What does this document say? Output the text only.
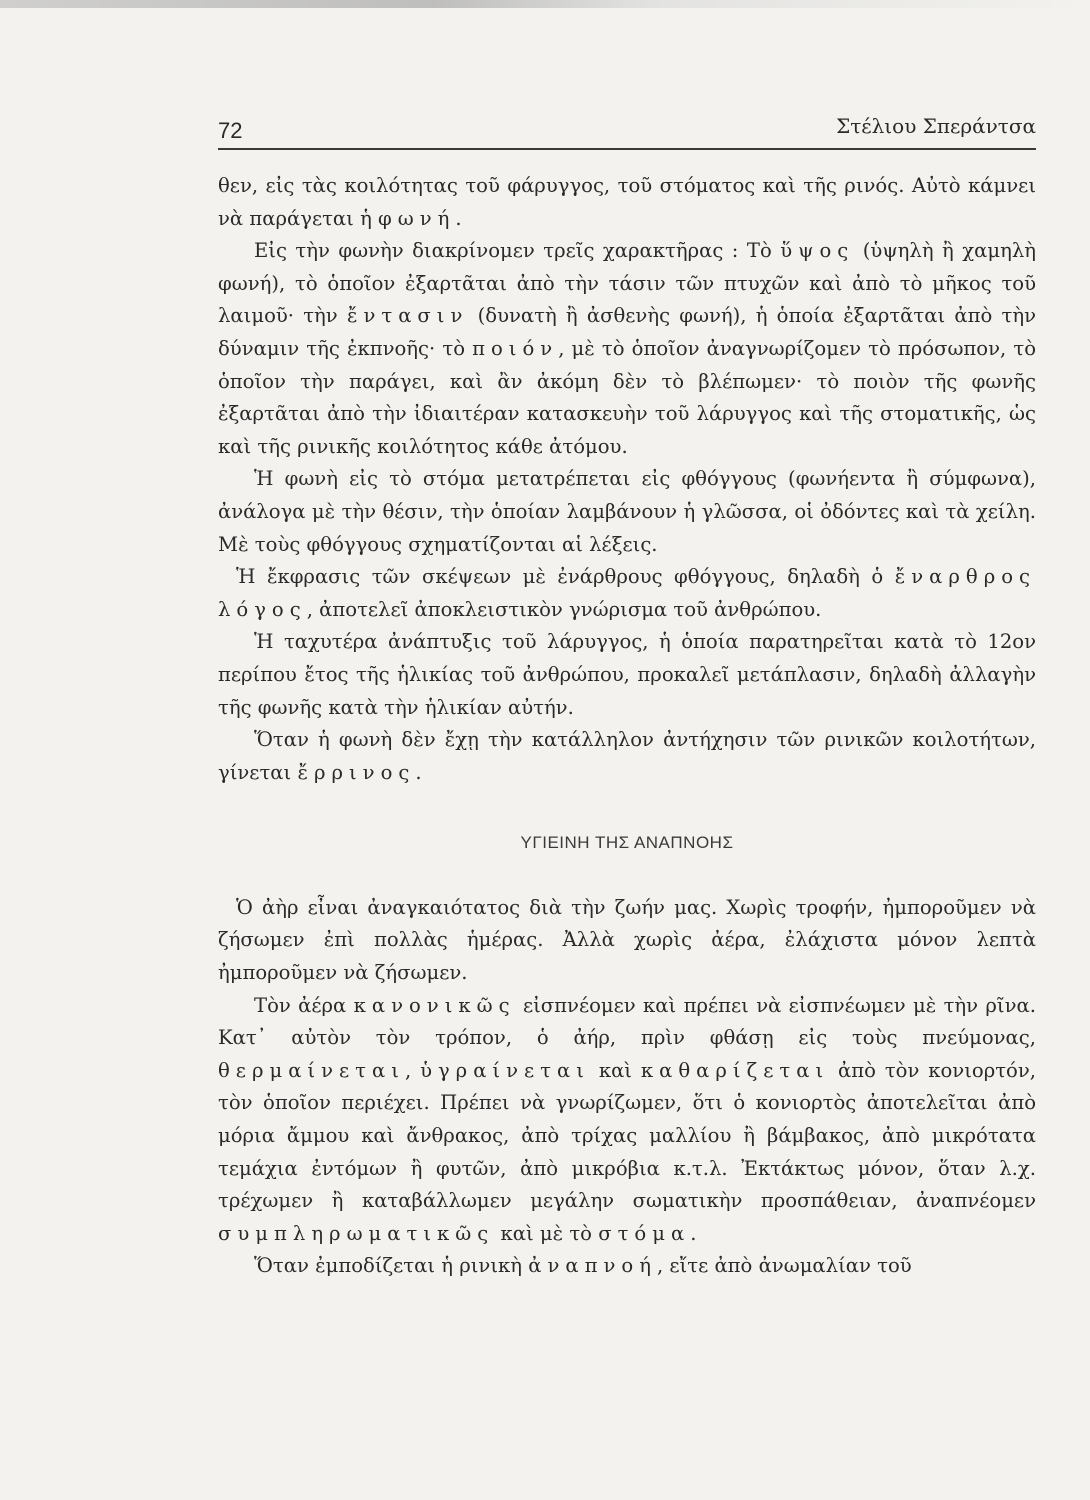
72	Στέλιου Σπεράντσα

θεν, εἰς τὰς κοιλότητας τοῦ φάρυγγος, τοῦ στόματος καὶ τῆς ρινός. Αὐτὸ κάμνει νὰ παράγεται ἡ φωνή.

Εἰς τὴν φωνὴν διακρίνομεν τρεῖς χαρακτῆρας : Τὸ ὕψος (ὑψηλὴ ἢ χαμηλὴ φωνή), τὸ ὁποῖον ἐξαρτᾶται ἀπὸ τὴν τάσιν τῶν πτυχῶν καὶ ἀπὸ τὸ μῆκος τοῦ λαιμοῦ· τὴν ἔντασιν (δυνατὴ ἢ ἀσθενὴς φωνή), ἡ ὁποία ἐξαρτᾶται ἀπὸ τὴν δύναμιν τῆς ἐκπνοῆς· τὸ ποιόν, μὲ τὸ ὁποῖον ἀναγνωρίζομεν τὸ πρόσωπον, τὸ ὁποῖον τὴν παράγει, καὶ ἂν ἀκόμη δὲν τὸ βλέπωμεν· τὸ ποιὸν τῆς φωνῆς ἐξαρτᾶται ἀπὸ τὴν ἰδιαιτέραν κατασκευὴν τοῦ λάρυγγος καὶ τῆς στοματικῆς, ὡς καὶ τῆς ρινικῆς κοιλότητος κάθε ἀτόμου.

Ἡ φωνὴ εἰς τὸ στόμα μετατρέπεται εἰς φθόγγους (φωνήεντα ἢ σύμφωνα), ἀνάλογα μὲ τὴν θέσιν, τὴν ὁποίαν λαμβάνουν ἡ γλῶσσα, οἱ ὀδόντες καὶ τὰ χείλη. Μὲ τοὺς φθόγγους σχηματίζονται αἱ λέξεις.

Ἡ ἔκφρασις τῶν σκέψεων μὲ ἐνάρθρους φθόγγους, δηλαδὴ ὁ ἔναρθρος λόγος, ἀποτελεῖ ἀποκλειστικὸν γνώρισμα τοῦ ἀνθρώπου.

Ἡ ταχυτέρα ἀνάπτυξις τοῦ λάρυγγος, ἡ ὁποία παρατηρεῖται κατὰ τὸ 12ον περίπου ἔτος τῆς ἡλικίας τοῦ ἀνθρώπου, προκαλεῖ μετάπλασιν, δηλαδὴ ἀλλαγὴν τῆς φωνῆς κατὰ τὴν ἡλικίαν αὐτήν.

Ὅταν ἡ φωνὴ δὲν ἔχῃ τὴν κατάλληλον ἀντήχησιν τῶν ρινικῶν κοιλοτήτων, γίνεται ἔρρινος.

ΥΓΙΕΙΝΗ ΤΗΣ ΑΝΑΠΝΟΗΣ

Ὁ ἀὴρ εἶναι ἀναγκαιότατος διὰ τὴν ζωήν μας. Χωρὶς τροφήν, ἠμποροῦμεν νὰ ζήσωμεν ἐπὶ πολλὰς ἡμέρας. Ἀλλὰ χωρὶς ἀέρα, ἐλάχιστα μόνον λεπτὰ ἠμποροῦμεν νὰ ζήσωμεν.

Τὸν ἀέρα κανονικῶς εἰσπνέομεν καὶ πρέπει νὰ εἰσπνέωμεν μὲ τὴν ρῖνα. Κατ᾽ αὐτὸν τὸν τρόπον, ὁ ἀήρ, πρὶν φθάσῃ εἰς τοὺς πνεύμονας, θερμαίνεται, ὑγραίνεται καὶ καθαρίζεται ἀπὸ τὸν κονιορτόν, τὸν ὁποῖον περιέχει. Πρέπει νὰ γνωρίζωμεν, ὅτι ὁ κονιορτὸς ἀποτελεῖται ἀπὸ μόρια ἄμμου καὶ ἄνθρακος, ἀπὸ τρίχας μαλλίου ἢ βάμβακος, ἀπὸ μικρότατα τεμάχια ἐντόμων ἢ φυτῶν, ἀπὸ μικρόβια κ.τ.λ. Ἐκτάκτως μόνον, ὅταν λ.χ. τρέχωμεν ἢ καταβάλλωμεν μεγάλην σωματικὴν προσπάθειαν, ἀναπνέομεν συμπληρωματικῶς καὶ μὲ τὸ στόμα.

Ὅταν ἐμποδίζεται ἡ ρινικὴ ἀναπνοή, εἴτε ἀπὸ ἀνωμαλίαν τοῦ
